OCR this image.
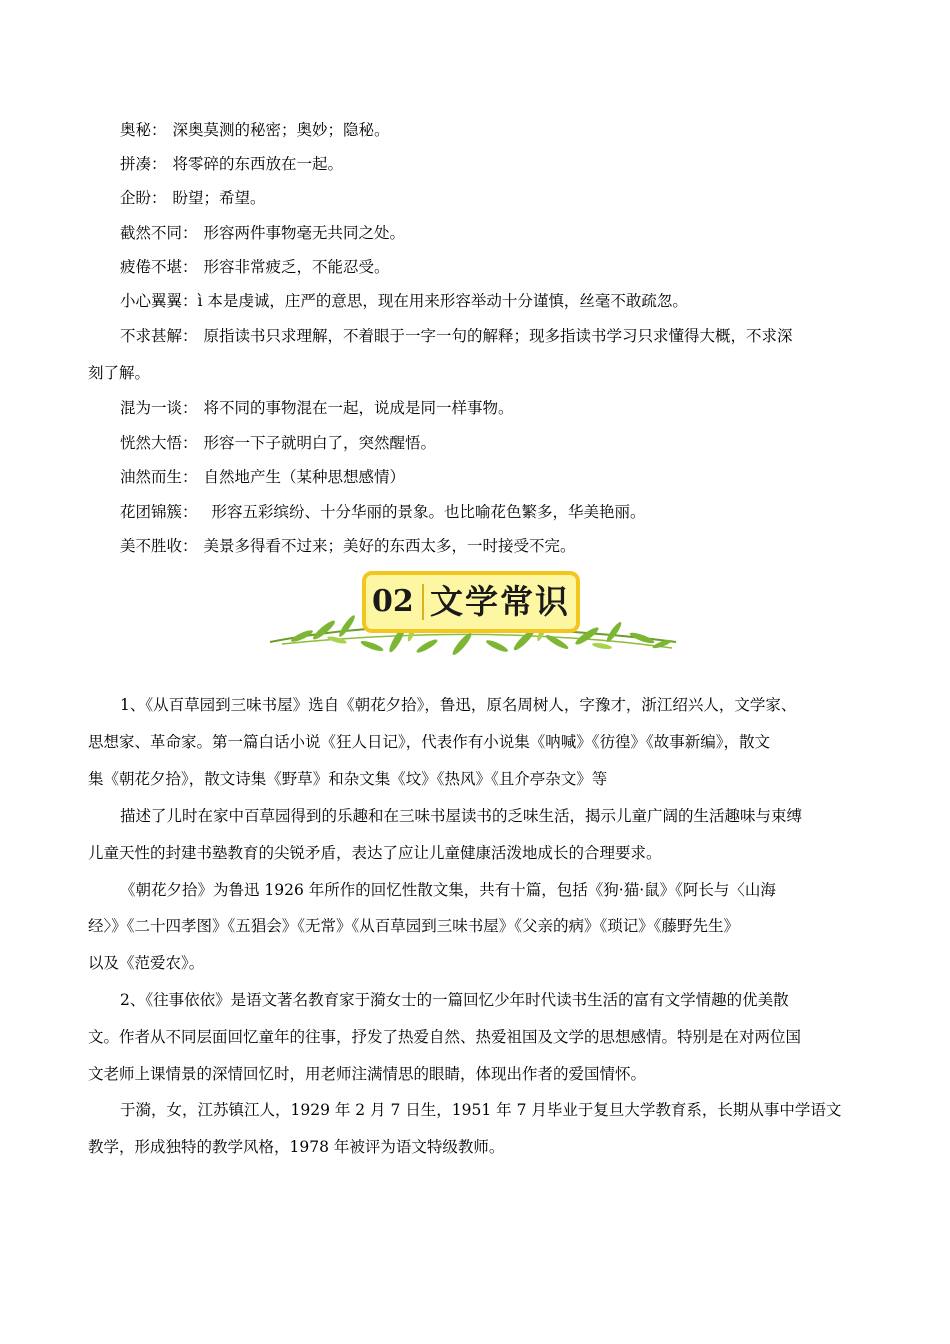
奥秘： 深奥莫测的秘密；奥妙；隐秘。
拼凑： 将零碎的东西放在一起。
企盼： 盼望；希望。
截然不同： 形容两件事物毫无共同之处。
疲倦不堪： 形容非常疲乏，不能忍受。
小心翼翼：ì 本是虔诚，庄严的意思，现在用来形容举动十分谨慎，丝毫不敢疏忽。
不求甚解： 原指读书只求理解，不着眼于一字一句的解释；现多指读书学习只求懂得大概，不求深
刻了解。
混为一谈： 将不同的事物混在一起，说成是同一样事物。
恍然大悟： 形容一下子就明白了，突然醒悟。
油然而生： 自然地产生（某种思想感情）
花团锦簇： 形容五彩缤纷、十分华丽的景象。也比喻花色繁多，华美艳丽。
美不胜收： 美景多得看不过来；美好的东西太多，一时接受不完。
02 文学常识
1、《从百草园到三味书屋》选自《朝花夕拾》，鲁迅，原名周树人，字豫才，浙江绍兴人，文学家、
思想家、革命家。第一篇白话小说《狂人日记》，代表作有小说集《呐喊》《彷徨》《故事新编》，散文
集《朝花夕拾》，散文诗集《野草》和杂文集《坟》《热风》《且介亭杂文》等
描述了儿时在家中百草园得到的乐趣和在三味书屋读书的乏味生活，揭示儿童广阔的生活趣味与束缚
儿童天性的封建书塾教育的尖锐矛盾，表达了应让儿童健康活泼地成长的合理要求。
《朝花夕拾》为鲁迅 1926 年所作的回忆性散文集，共有十篇，包括《狗·猫·鼠》《阿长与〈山海
经〉》《二十四孝图》《五猖会》《无常》《从百草园到三味书屋》《父亲的病》《琐记》《藤野先生》
以及《范爱农》。
2、《往事依依》是语文著名教育家于漪女士的一篇回忆少年时代读书生活的富有文学情趣的优美散
文。作者从不同层面回忆童年的往事，抒发了热爱自然、热爱祖国及文学的思想感情。特别是在对两位国
文老师上课情景的深情回忆时，用老师注满情思的眼睛，体现出作者的爱国情怀。
于漪，女，江苏镇江人，1929 年 2 月 7 日生，1951 年 7 月毕业于复旦大学教育系，长期从事中学语文
教学，形成独特的教学风格，1978 年被评为语文特级教师。
